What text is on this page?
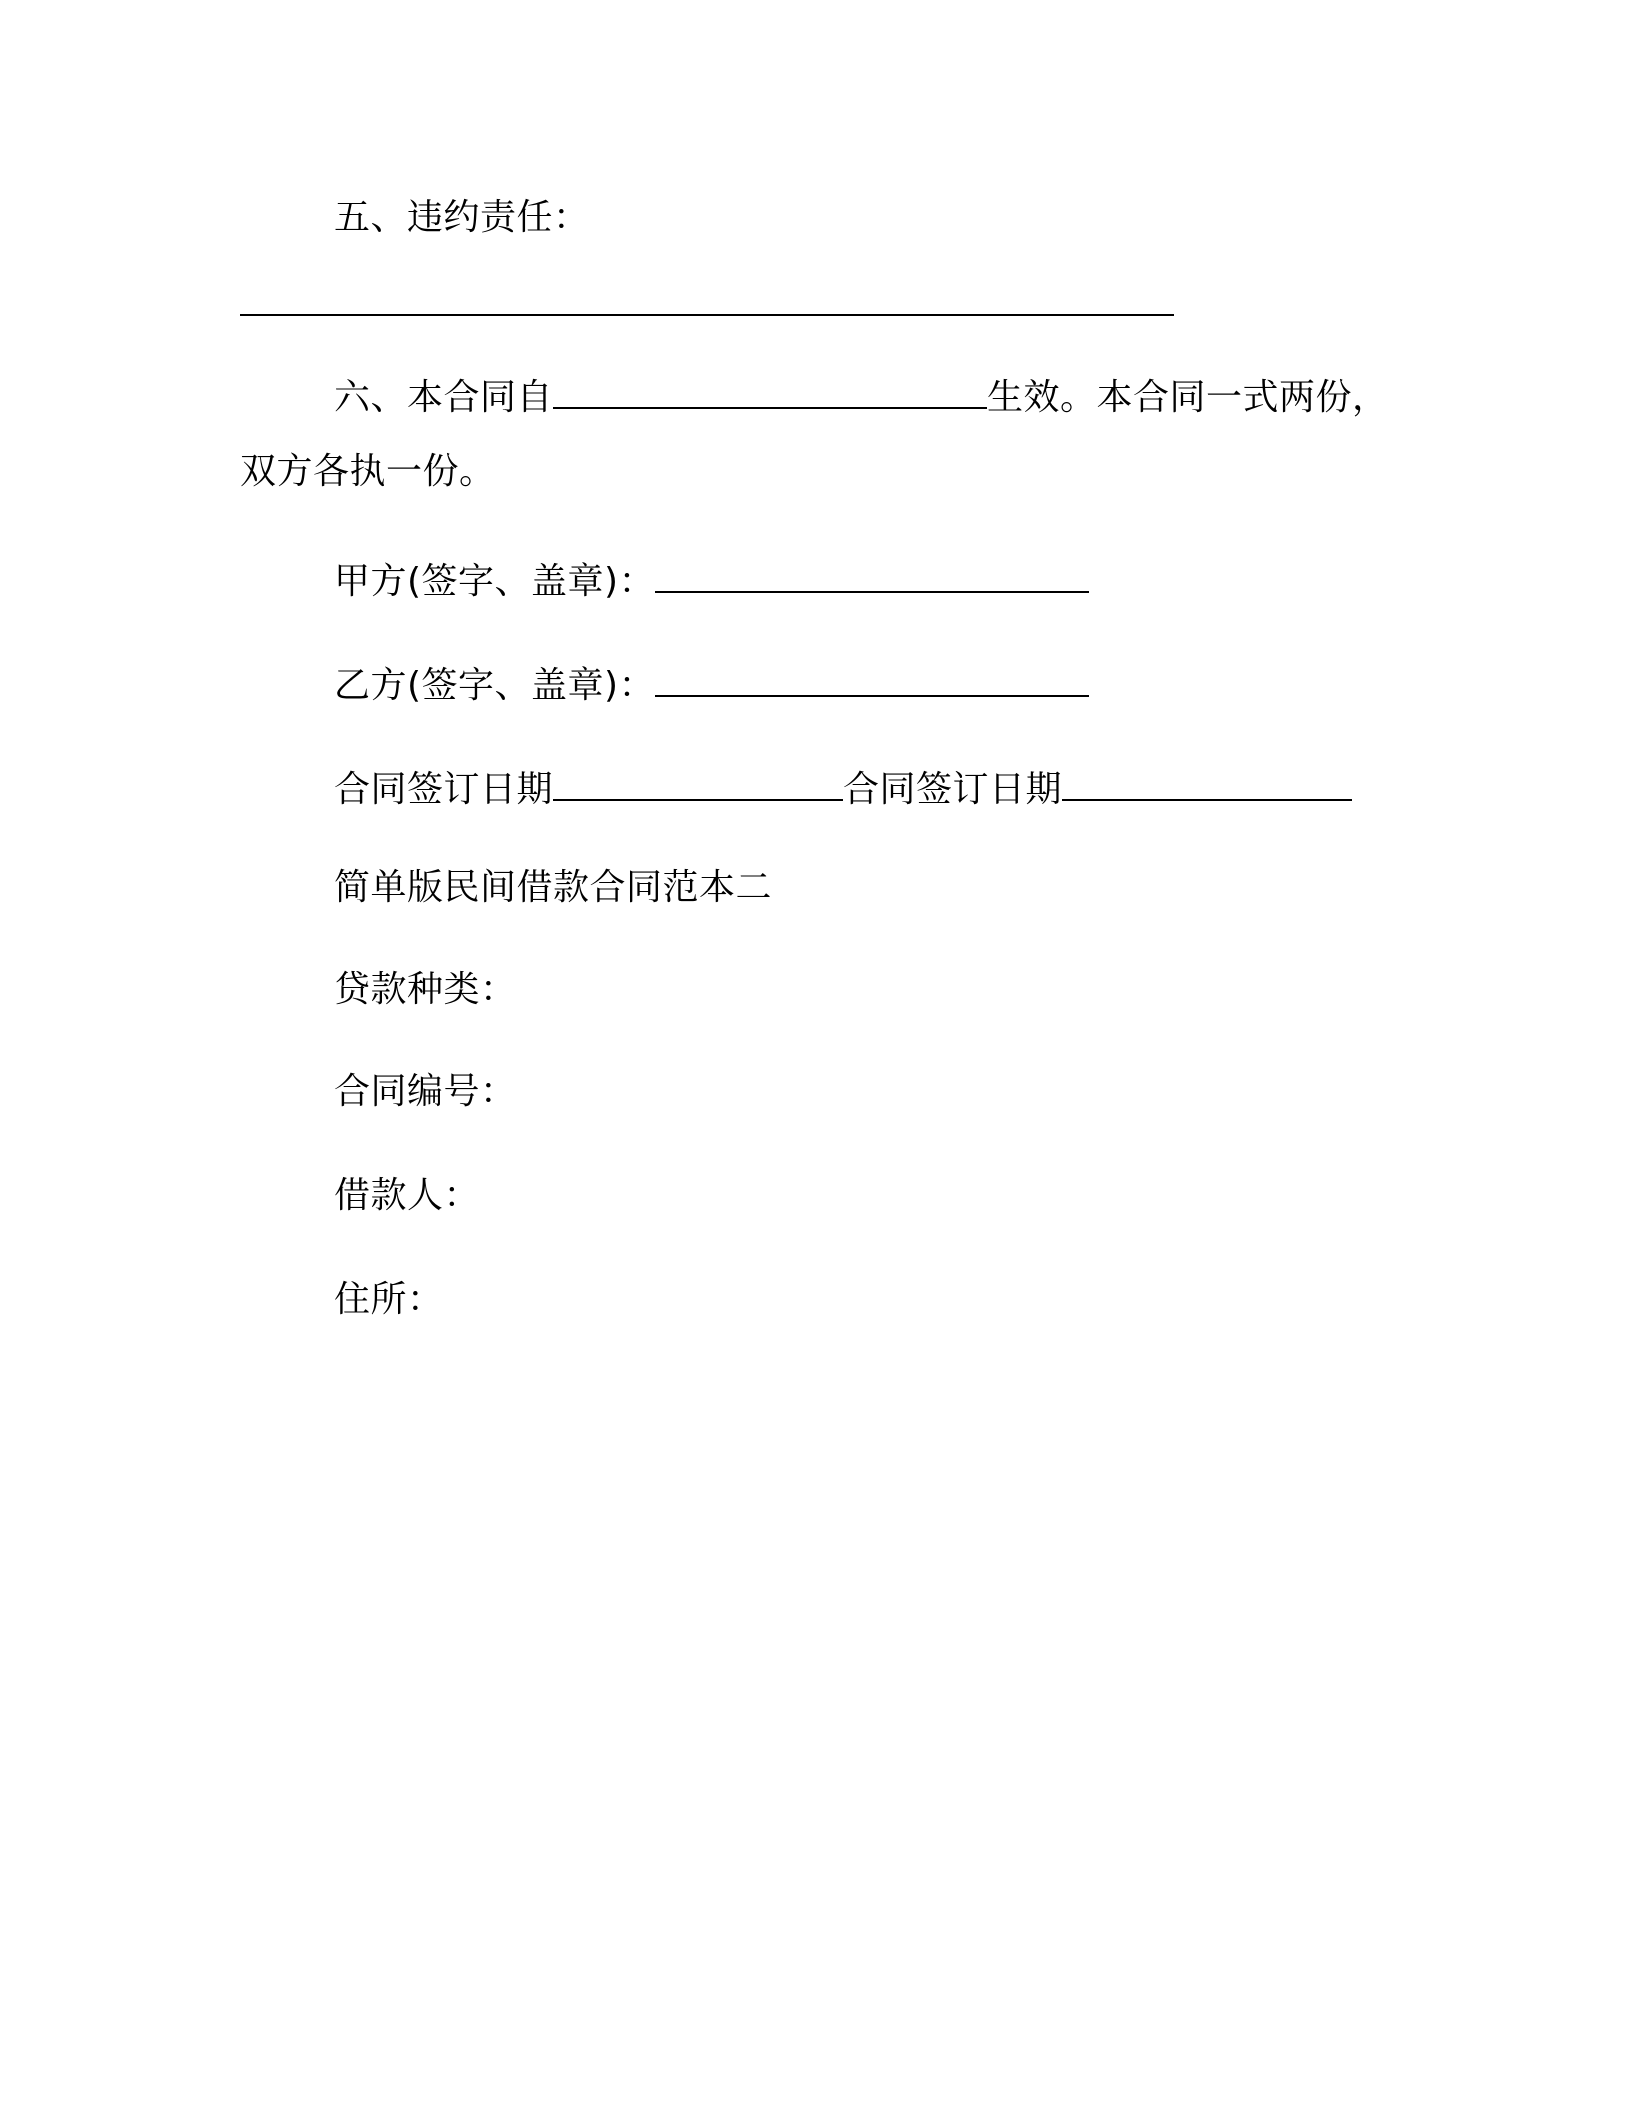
五、违约责任：
六、本合同自	生效。本合同一式两份，
双方各执一份。
甲方(签字、盖章)：
乙方(签字、盖章)：
合同签订日期	合同签订日期
简单版民间借款合同范本二
贷款种类：
合同编号：
借款人：
住所：
